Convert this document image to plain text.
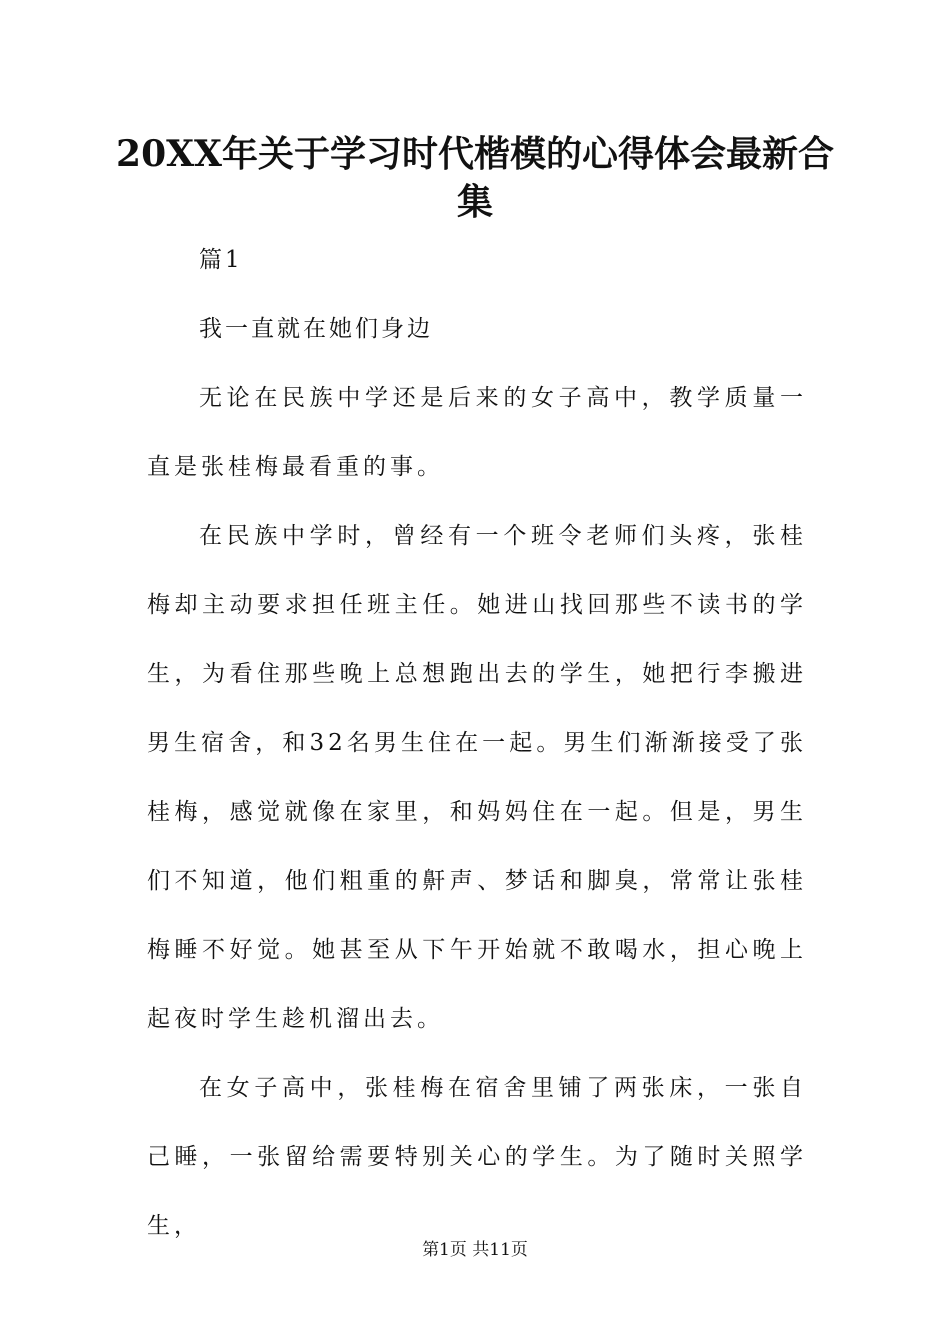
20XX年关于学习时代楷模的心得体会最新合集

篇1

我一直就在她们身边

无论在民族中学还是后来的女子高中，教学质量一直是张桂梅最看重的事。

在民族中学时，曾经有一个班令老师们头疼，张桂梅却主动要求担任班主任。她进山找回那些不读书的学生，为看住那些晚上总想跑出去的学生，她把行李搬进男生宿舍，和32名男生住在一起。男生们渐渐接受了张桂梅，感觉就像在家里，和妈妈住在一起。但是，男生们不知道，他们粗重的鼾声、梦话和脚臭，常常让张桂梅睡不好觉。她甚至从下午开始就不敢喝水，担心晚上起夜时学生趁机溜出去。

在女子高中，张桂梅在宿舍里铺了两张床，一张自己睡，一张留给需要特别关心的学生。为了随时关照学生，

第1页 共11页
